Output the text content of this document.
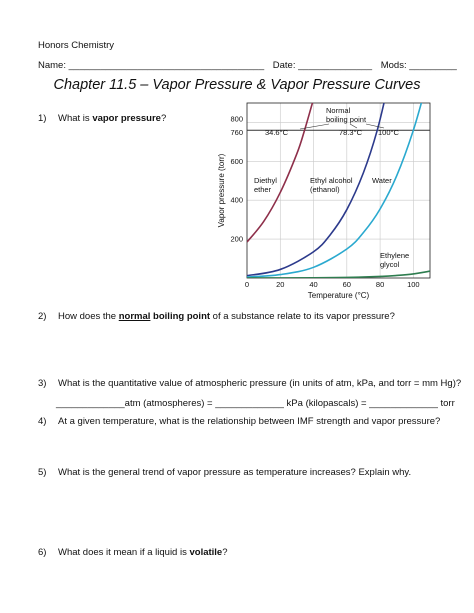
Honors Chemistry
Name: _____________________________________ Date: ______________ Mods: _________
Chapter 11.5 – Vapor Pressure & Vapor Pressure Curves
1) What is vapor pressure?
2) How does the normal boiling point of a substance relate to its vapor pressure?
3) What is the quantitative value of atmospheric pressure (in units of atm, kPa, and torr = mm Hg)?
_____________atm (atmospheres) = _____________ kPa (kilopascals) = _____________ torr
4) At a given temperature, what is the relationship between IMF strength and vapor pressure?
5) What is the general trend of vapor pressure as temperature increases? Explain why.
6) What does it mean if a liquid is volatile?
0	20	40	60	80	100
200
400
600
760
800
Temperature (°C)
Vapor pressure (torr)
Normal
boiling point
34.6°C	78.3°C 100°C
Diethyl
ether
Ethyl alcohol
(ethanol)
Water
Ethylene
glycol
